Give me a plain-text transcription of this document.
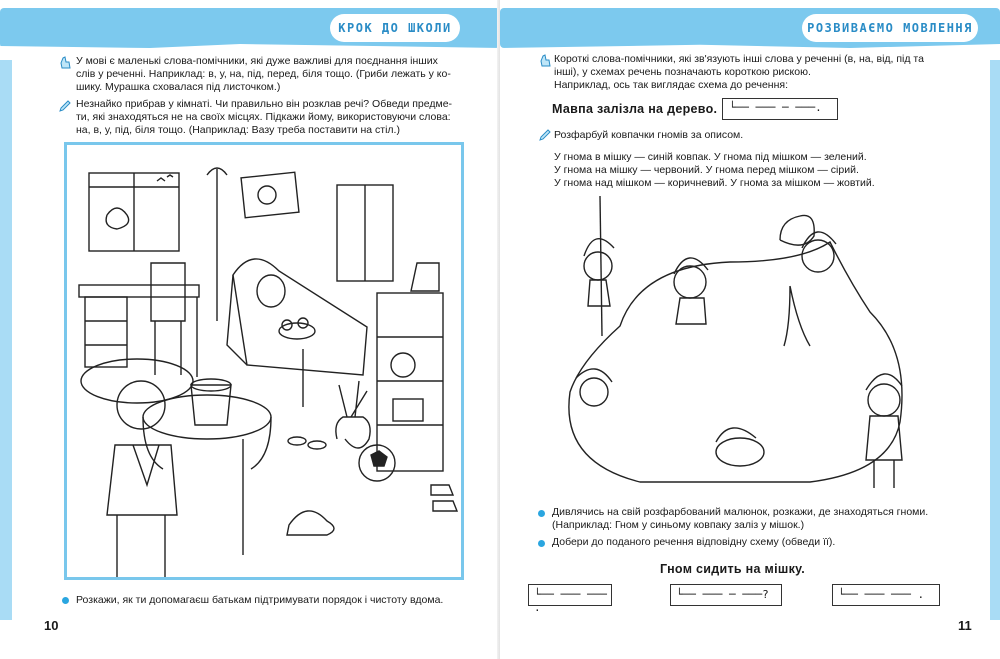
КРОК ДО ШКОЛИ
У мові є маленькі слова-помічники, які дуже важливі для поєднання інших
слів у реченні. Наприклад: в, у, на, під, перед, біля тощо. (Гриби лежать у ко-
шику. Мурашка сховалася під листочком.)
Незнайко прибрав у кімнаті. Чи правильно він розклав речі? Обведи предме-
ти, які знаходяться не на своїх місцях. Підкажи йому, використовуючи слова:
на, в, у, під, біля тощо. (Наприклад: Вазу треба поставити на стіл.)
Розкажи, як ти допомагаєш батькам підтримувати порядок і чистоту вдома.
10
РОЗВИВАЄМО МОВЛЕННЯ
Короткі слова-помічники, які зв'язують інші слова у реченні (в, на, від, під та
інші), у схемах речень позначають короткою рискою.
Наприклад, ось так виглядає схема до речення:
Мавпа залізла на дерево. └── ─── ─ ───.
Розфарбуй ковпачки гномів за описом.
У гнома в мішку — синій ковпак. У гнома під мішком — зелений.
У гнома на мішку — червоний. У гнома перед мішком — сірий.
У гнома над мішком — коричневий. У гнома за мішком — жовтий.
Дивлячись на свій розфарбований малюнок, розкажи, де знаходяться гноми.
(Наприклад: Гном у синьому ковпаку заліз у мішок.)
Добери до поданого речення відповідну схему (обведи її).
Гном сидить на мішку.
└── ─── ─── .
└── ─── ─ ───?	└── ─── ─── .
11
